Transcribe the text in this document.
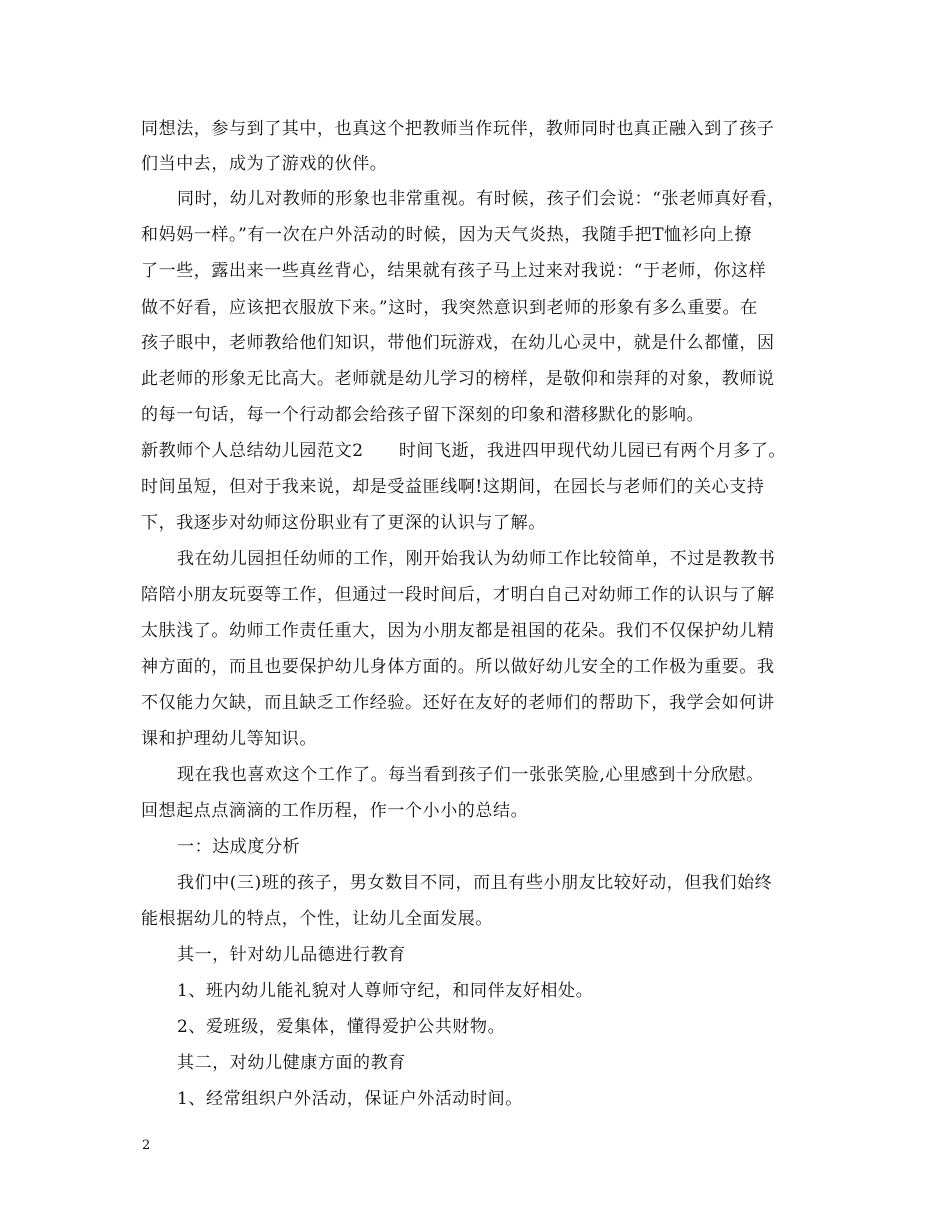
同想法，参与到了其中，也真这个把教师当作玩伴，教师同时也真正融入到了孩子
们当中去，成为了游戏的伙伴。
同时，幼儿对教师的形象也非常重视。有时候，孩子们会说：“张老师真好看，
和妈妈一样。”有一次在户外活动的时候，因为天气炎热，我随手把T恤衫向上撩
了一些，露出来一些真丝背心，结果就有孩子马上过来对我说：“于老师，你这样
做不好看，应该把衣服放下来。”这时，我突然意识到老师的形象有多么重要。在
孩子眼中，老师教给他们知识，带他们玩游戏，在幼儿心灵中，就是什么都懂，因
此老师的形象无比高大。老师就是幼儿学习的榜样，是敬仰和崇拜的对象，教师说
的每一句话，每一个行动都会给孩子留下深刻的印象和潜移默化的影响。
新教师个人总结幼儿园范文2　　时间飞逝，我进四甲现代幼儿园已有两个月多了。
时间虽短，但对于我来说，却是受益匪线啊!这期间，在园长与老师们的关心支持
下，我逐步对幼师这份职业有了更深的认识与了解。
我在幼儿园担任幼师的工作，刚开始我认为幼师工作比较简单，不过是教教书
陪陪小朋友玩耍等工作，但通过一段时间后，才明白自己对幼师工作的认识与了解
太肤浅了。幼师工作责任重大，因为小朋友都是祖国的花朵。我们不仅保护幼儿精
神方面的，而且也要保护幼儿身体方面的。所以做好幼儿安全的工作极为重要。我
不仅能力欠缺，而且缺乏工作经验。还好在友好的老师们的帮助下，我学会如何讲
课和护理幼儿等知识。
现在我也喜欢这个工作了。每当看到孩子们一张张笑脸,心里感到十分欣慰。
回想起点点滴滴的工作历程，作一个小小的总结。
一：达成度分析
我们中(三)班的孩子，男女数目不同，而且有些小朋友比较好动，但我们始终
能根据幼儿的特点，个性，让幼儿全面发展。
其一，针对幼儿品德进行教育
1、班内幼儿能礼貌对人尊师守纪，和同伴友好相处。
2、爱班级，爱集体，懂得爱护公共财物。
其二，对幼儿健康方面的教育
1、经常组织户外活动，保证户外活动时间。
2
